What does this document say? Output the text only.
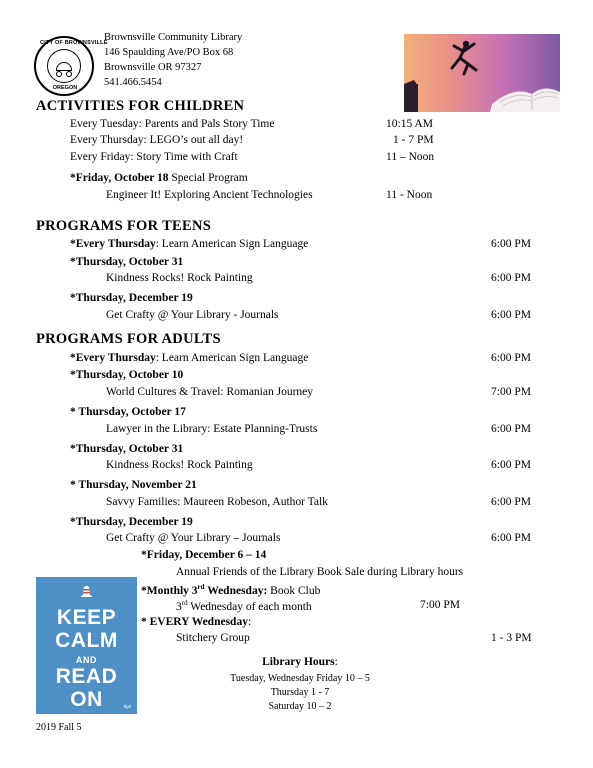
CITY OF BROWNSVILLE
OREGON
Brownsville Community Library
146 Spaulding Ave/PO Box 68
Brownsville OR 97327
541.466.5454
ACTIVITIES FOR CHILDREN
Every Tuesday: Parents and Pals Story Time	10:15 AM
Every Thursday: LEGO’s out all day!	1 - 7 PM
Every Friday: Story Time with Craft	11 – Noon
*Friday, October 18 Special Program
Engineer It! Exploring Ancient Technologies	11 - Noon
PROGRAMS FOR TEENS
*Every Thursday: Learn American Sign Language	6:00 PM
*Thursday, October 31
Kindness Rocks! Rock Painting	6:00 PM
*Thursday, December 19
Get Crafty @ Your Library - Journals	6:00 PM
PROGRAMS FOR ADULTS
*Every Thursday: Learn American Sign Language	6:00 PM
*Thursday, October 10
World Cultures & Travel: Romanian Journey	7:00 PM
* Thursday, October 17
Lawyer in the Library: Estate Planning-Trusts	6:00 PM
*Thursday, October 31
Kindness Rocks! Rock Painting	6:00 PM
* Thursday, November 21
Savvy Families: Maureen Robeson, Author Talk	6:00 PM
*Thursday, December 19
Get Crafty @ Your Library – Journals	6:00 PM
*Friday, December 6 – 14
Annual Friends of the Library Book Sale during Library hours
*Monthly 3rd Wednesday: Book Club
3rd Wednesday of each month	7:00 PM
* EVERY Wednesday:
Stitchery Group	1 - 3 PM
Library Hours:
Tuesday, Wednesday Friday 10 – 5
Thursday 1 - 7
Saturday 10 – 2
KEEP
CALM
AND
READ
ON	Agé
2019 Fall 5
